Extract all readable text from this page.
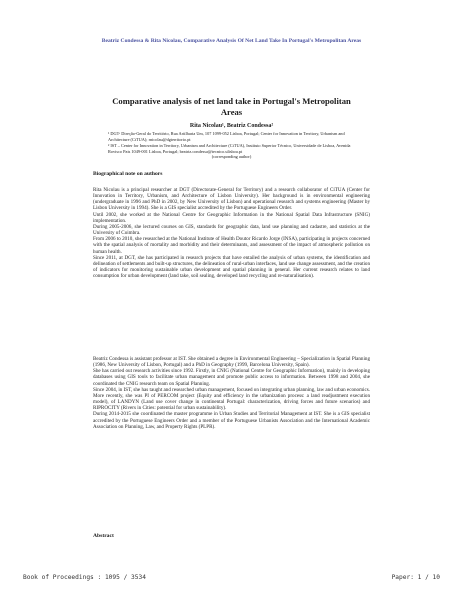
Beatriz Condessa & Rita Nicolau, Comparative Analysis Of Net Land Take In Portugal's Metropolitan Areas
Comparative analysis of net land take in Portugal's Metropolitan
Areas
Rita Nicolau¹, Beatriz Condessa²
¹ DGT- Direção-Geral do Território, Rua Artilharia Um, 107 1099-052 Lisboa, Portugal; Center for Innovation in Territory, Urbanism and Architecture (CiTUA); rnicolau@dgterritorio.pt
² IST – Center for Innovation in Territory, Urbanism and Architecture (CiTUA), Instituto Superior Técnico, Universidade de Lisboa, Avenida Rovisco Pais 1049-001 Lisboa, Portugal; beatriz.condessa@tecnico.ulisboa.pt
(corresponding author)
Biographical note on authors

Rita Nicolau is a principal researcher at DGT (Directorate-General for Territory) and a research collaborator of CiTUA (Center for Innovation in Territory, Urbanism, and Architecture of Lisbon University). Her background is in environmental engineering (undergraduate in 1996 and PhD in 2002, by New University of Lisbon) and operational research and systems engineering (Master by Lisbon University in 1994). She is a GIS specialist accredited by the Portuguese Engineers Order.

Until 2002, she worked at the National Centre for Geographic Information in the National Spatial Data Infrastructure (SNIG) implementation.

During 2005-2006, she lectured courses on GIS, standards for geographic data, land use planning and cadastre, and statistics at the University of Coimbra.

From 2006 to 2010, she researched at the National Institute of Health Doutor Ricardo Jorge (INSA), participating in projects concerned with the spatial analysis of mortality and morbidity and their determinants, and assessment of the impact of atmospheric pollution on human health.

Since 2011, at DGT, she has participated in research projects that have entailed the analysis of urban systems, the identification and delineation of settlements and built-up structures, the delineation of rural-urban interfaces, land use change assessment, and the creation of indicators for monitoring sustainable urban development and spatial planning in general. Her current research relates to land consumption for urban development (land take, soil sealing, developed land recycling and re-naturalisation).

Beatriz Condessa is assistant professor at IST. She obtained a degree in Environmental Engineering – Specialization in Spatial Planning (1986, New University of Lisbon, Portugal) and a PhD in Geography (1999, Barcelona University, Spain).

She has carried out research activities since 1992. Firstly, in CNIG (National Centre for Geographic Information), mainly in developing databases using GIS tools to facilitate urban management and promote public access to information. Between 1998 and 2004, she coordinated the CNIG research team on Spatial Planning.

Since 2004, in IST, she has taught and researched urban management, focused on integrating urban planning, law and urban economics. More recently, she was PI of PERCOM project (Equity and efficiency in the urbanization process: a land readjustment execution model), of LANDYN (Land use cover change in continental Portugal: characterization, driving forces and future scenarios) and RIPROCITY (Rivers in Cities: potential for urban sustainability).

During 2014-2015 she coordinated the master programme in Urban Studies and Territorial Management at IST. She is a GIS specialist accredited by the Portuguese Engineers Order and a member of the Portuguese Urbanists Association and the International Academic Association on Planning, Law, and Property Rights (PLPR).

Abstract
Book of Proceedings : 1095 / 3534	Paper: 1 / 10
